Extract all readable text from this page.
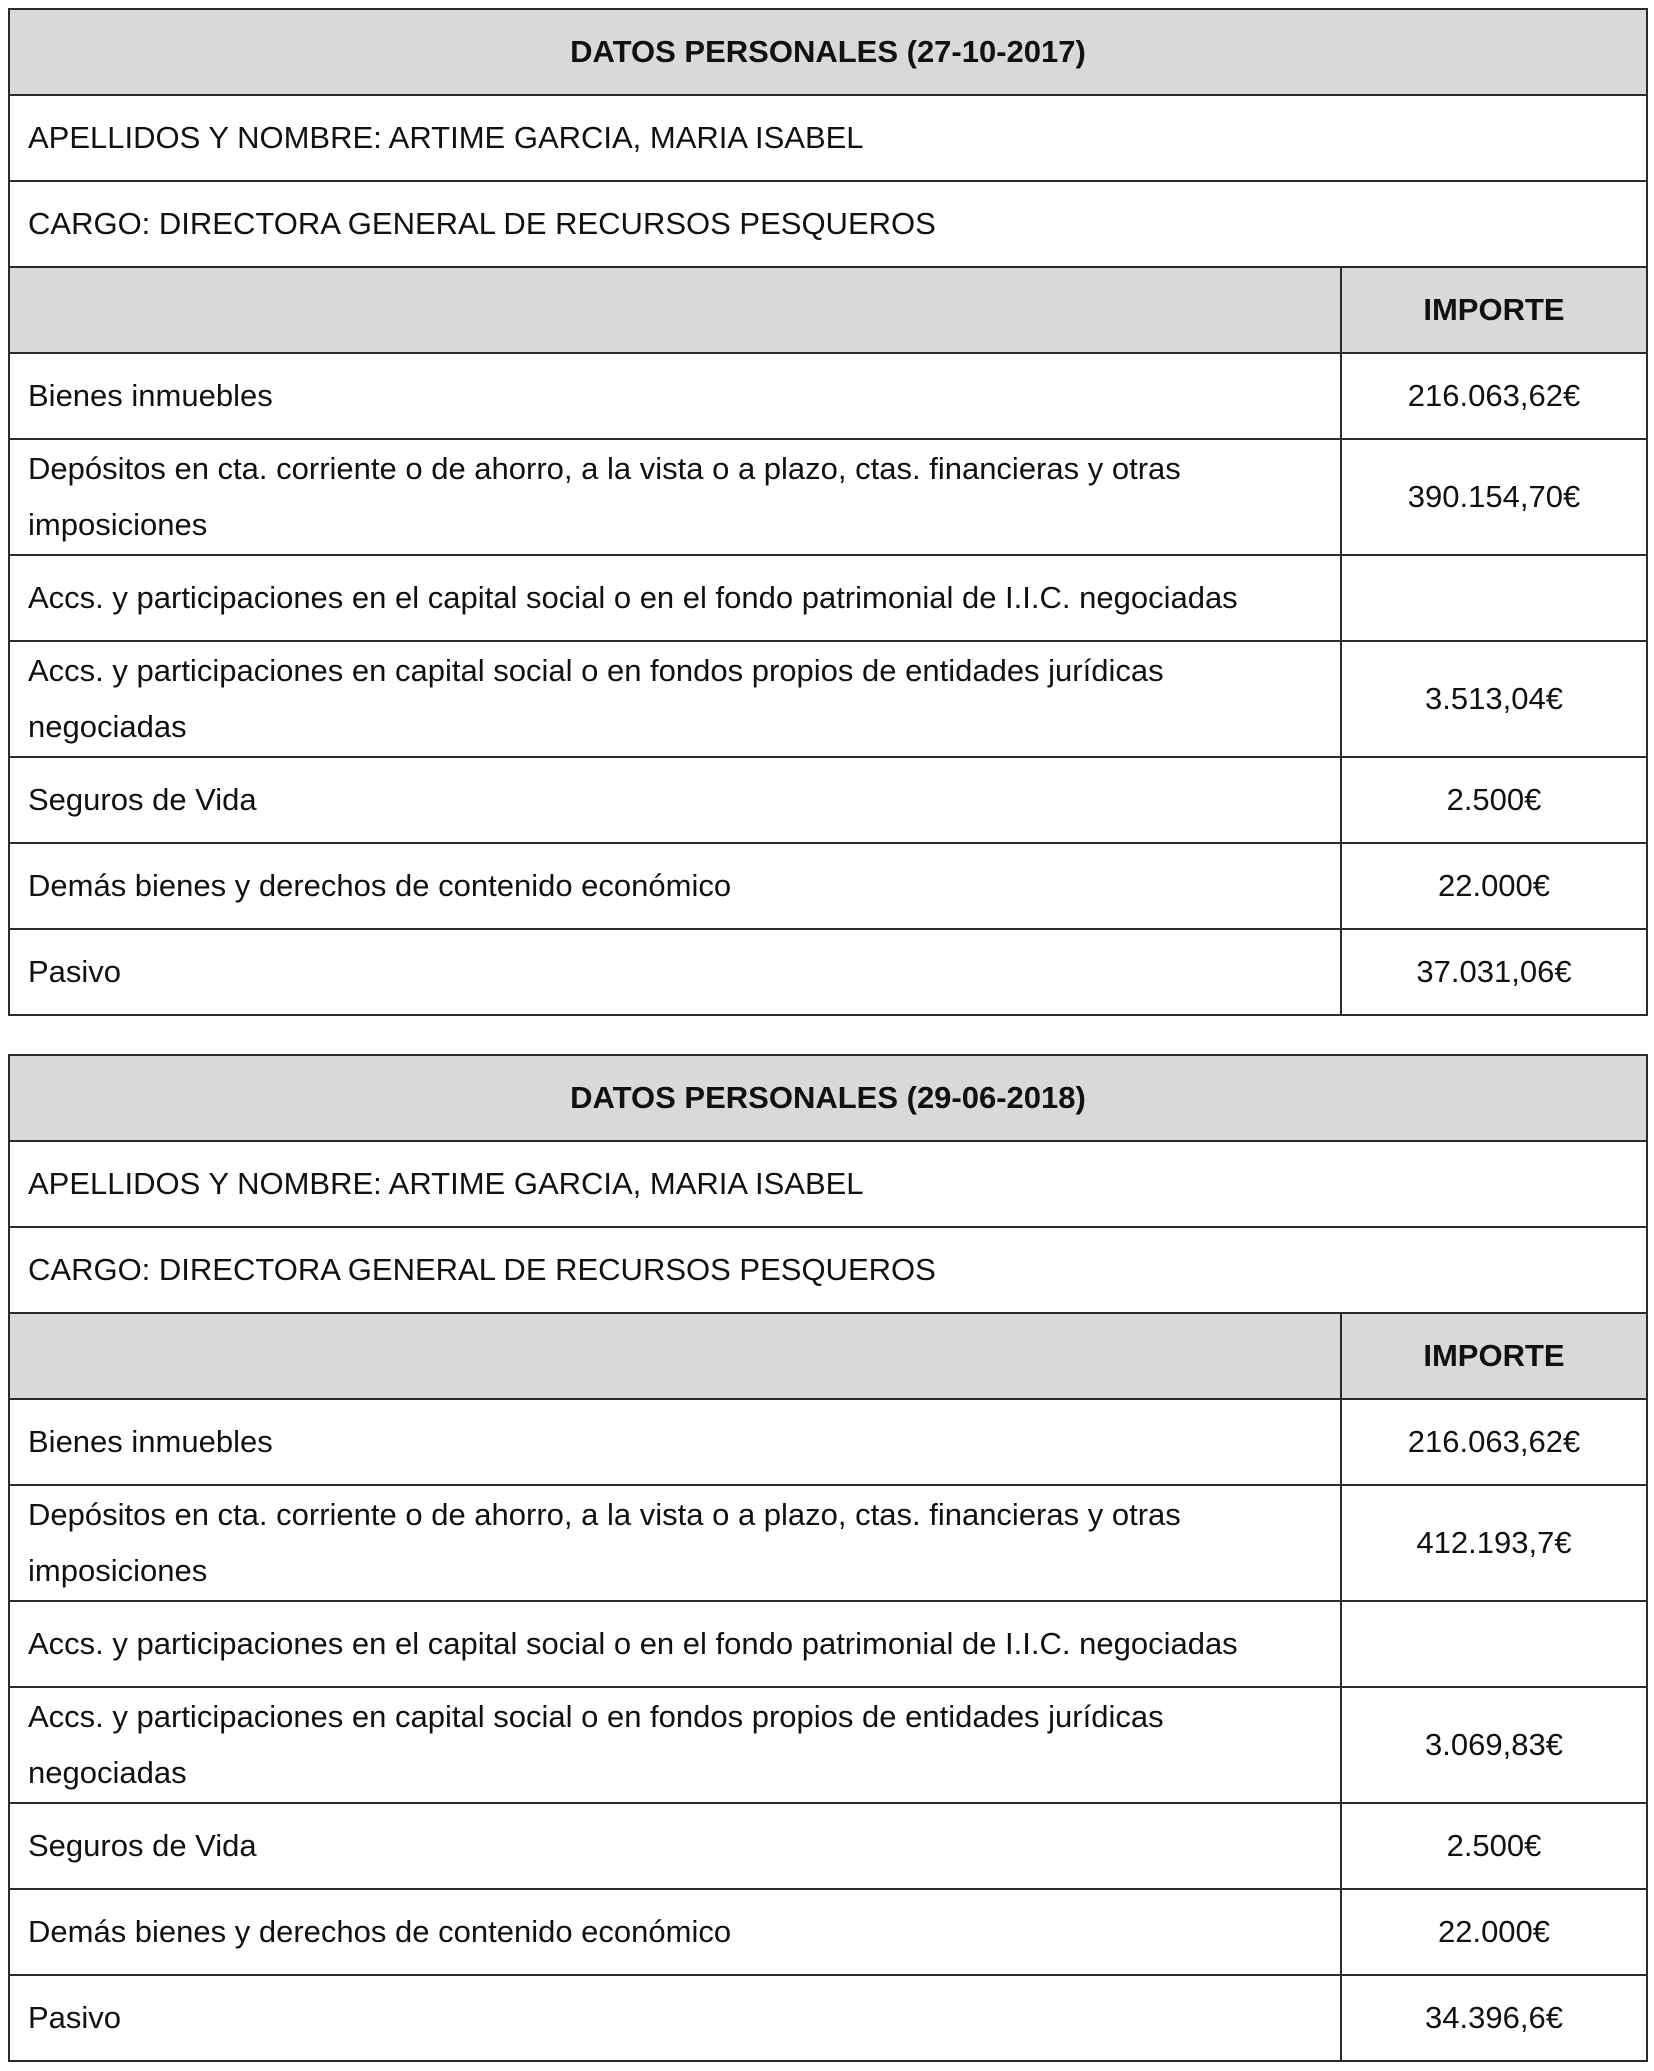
DATOS PERSONALES (27-10-2017)	
APELLIDOS Y NOMBRE: ARTIME GARCIA, MARIA ISABEL	
CARGO: DIRECTORA GENERAL DE RECURSOS PESQUEROS	
	IMPORTE
Bienes inmuebles	216.063,62€
Depósitos en cta. corriente o de ahorro, a la vista o a plazo, ctas. financieras y otras imposiciones	390.154,70€
Accs. y participaciones en el capital social o en el fondo patrimonial de I.I.C. negociadas	
Accs. y participaciones en capital social o en fondos propios de entidades jurídicas negociadas	3.513,04€
Seguros de Vida	2.500€
Demás bienes y derechos de contenido económico	22.000€
Pasivo	37.031,06€
DATOS PERSONALES (29-06-2018)	
APELLIDOS Y NOMBRE: ARTIME GARCIA, MARIA ISABEL	
CARGO: DIRECTORA GENERAL DE RECURSOS PESQUEROS	
	IMPORTE
Bienes inmuebles	216.063,62€
Depósitos en cta. corriente o de ahorro, a la vista o a plazo, ctas. financieras y otras imposiciones	412.193,7€
Accs. y participaciones en el capital social o en el fondo patrimonial de I.I.C. negociadas	
Accs. y participaciones en capital social o en fondos propios de entidades jurídicas negociadas	3.069,83€
Seguros de Vida	2.500€
Demás bienes y derechos de contenido económico	22.000€
Pasivo	34.396,6€
